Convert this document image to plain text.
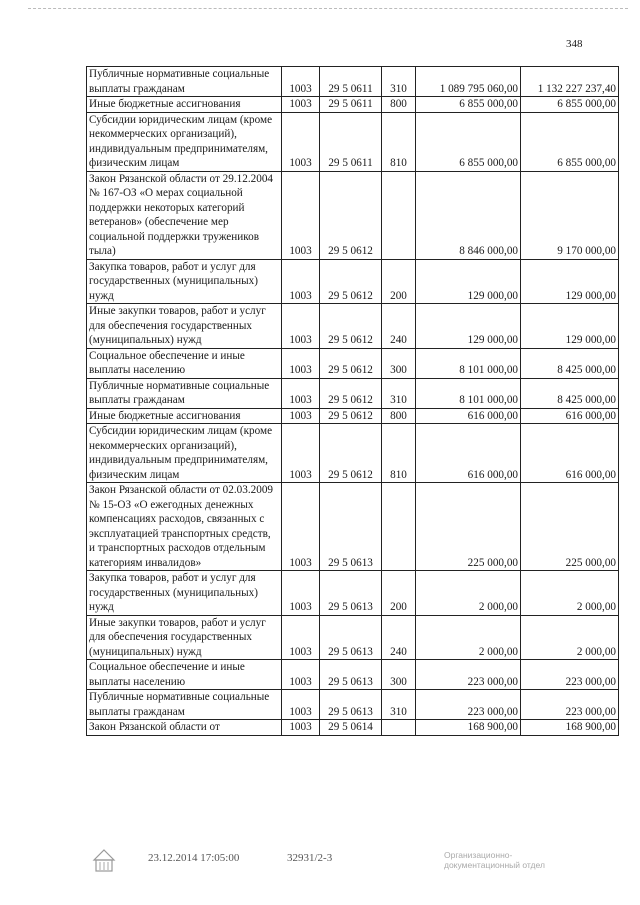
348
Публичные нормативные социальные выплаты гражданам	1003	29 5 0611	310	1 089 795 060,00	1 132 227 237,40
Иные бюджетные ассигнования	1003	29 5 0611	800	6 855 000,00	6 855 000,00
Субсидии юридическим лицам (кроме некоммерческих организаций), индивидуальным предпринимателям, физическим лицам	1003	29 5 0611	810	6 855 000,00	6 855 000,00
Закон Рязанской области от 29.12.2004 № 167-ОЗ «О мерах социальной поддержки некоторых категорий ветеранов» (обеспечение мер социальной поддержки тружеников тыла)	1003	29 5 0612		8 846 000,00	9 170 000,00
Закупка товаров, работ и услуг для государственных (муниципальных) нужд	1003	29 5 0612	200	129 000,00	129 000,00
Иные закупки товаров, работ и услуг для обеспечения государственных (муниципальных) нужд	1003	29 5 0612	240	129 000,00	129 000,00
Социальное обеспечение и иные выплаты населению	1003	29 5 0612	300	8 101 000,00	8 425 000,00
Публичные нормативные социальные выплаты гражданам	1003	29 5 0612	310	8 101 000,00	8 425 000,00
Иные бюджетные ассигнования	1003	29 5 0612	800	616 000,00	616 000,00
Субсидии юридическим лицам (кроме некоммерческих организаций), индивидуальным предпринимателям, физическим лицам	1003	29 5 0612	810	616 000,00	616 000,00
Закон Рязанской области от 02.03.2009 № 15-ОЗ «О ежегодных денежных компенсациях расходов, связанных с эксплуатацией транспортных средств, и транспортных расходов отдельным категориям инвалидов»	1003	29 5 0613		225 000,00	225 000,00
Закупка товаров, работ и услуг для государственных (муниципальных) нужд	1003	29 5 0613	200	2 000,00	2 000,00
Иные закупки товаров, работ и услуг для обеспечения государственных (муниципальных) нужд	1003	29 5 0613	240	2 000,00	2 000,00
Социальное обеспечение и иные выплаты населению	1003	29 5 0613	300	223 000,00	223 000,00
Публичные нормативные социальные выплаты гражданам	1003	29 5 0613	310	223 000,00	223 000,00
Закон Рязанской области от	1003	29 5 0614		168 900,00	168 900,00
23.12.2014 17:05:00	32931/2-3	Организационно-
документационный отдел
